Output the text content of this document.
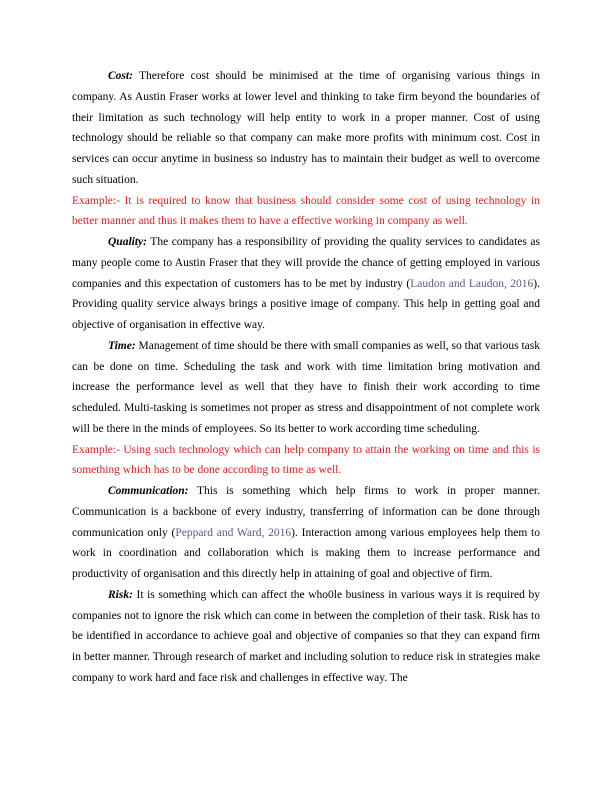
Cost: Therefore cost should be minimised at the time of organising various things in company. As Austin Fraser works at lower level and thinking to take firm beyond the boundaries of their limitation as such technology will help entity to work in a proper manner. Cost of using technology should be reliable so that company can make more profits with minimum cost. Cost in services can occur anytime in business so industry has to maintain their budget as well to overcome such situation.

Example:- It is required to know that business should consider some cost of using technology in better manner and thus it makes them to have a effective working in company as well.

Quality: The company has a responsibility of providing the quality services to candidates as many people come to Austin Fraser that they will provide the chance of getting employed in various companies and this expectation of customers has to be met by industry (Laudon and Laudon, 2016). Providing quality service always brings a positive image of company. This help in getting goal and objective of organisation in effective way.

Time: Management of time should be there with small companies as well, so that various task can be done on time. Scheduling the task and work with time limitation bring motivation and increase the performance level as well that they have to finish their work according to time scheduled. Multi-tasking is sometimes not proper as stress and disappointment of not complete work will be there in the minds of employees. So its better to work according time scheduling.

Example:- Using such technology which can help company to attain the working on time and this is something which has to be done according to time as well.

Communication: This is something which help firms to work in proper manner. Communication is a backbone of every industry, transferring of information can be done through communication only (Peppard and Ward, 2016). Interaction among various employees help them to work in coordination and collaboration which is making them to increase performance and productivity of organisation and this directly help in attaining of goal and objective of firm.

Risk: It is something which can affect the who0le business in various ways it is required by companies not to ignore the risk which can come in between the completion of their task. Risk has to be identified in accordance to achieve goal and objective of companies so that they can expand firm in better manner. Through research of market and including solution to reduce risk in strategies make company to work hard and face risk and challenges in effective way. The
